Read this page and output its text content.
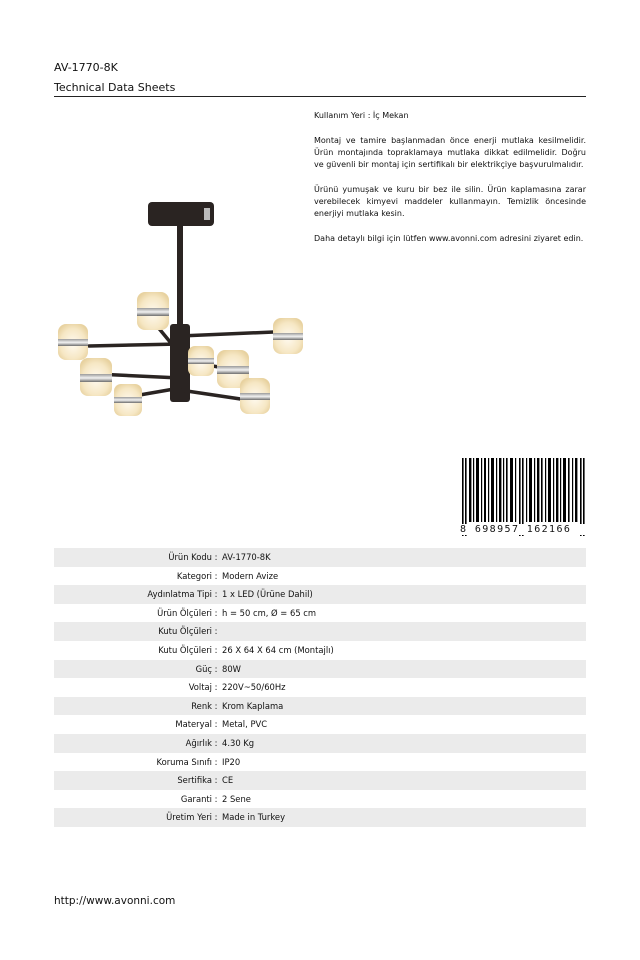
AV-1770-8K
Technical Data Sheets

Kullanım Yeri : İç Mekan

Montaj ve tamire başlanmadan önce enerji mutlaka kesilmelidir. Ürün montajında topraklamaya mutlaka dikkat edilmelidir. Doğru ve güvenli bir montaj için sertifikalı bir elektrikçiye başvurulmalıdır.

Ürünü yumuşak ve kuru bir bez ile silin. Ürün kaplamasına zarar verebilecek kimyevi maddeler kullanmayın. Temizlik öncesinde enerjiyi mutlaka kesin.

Daha detaylı bilgi için lütfen www.avonni.com adresini ziyaret edin.

8 698957 162166
Ürün Kodu : AV-1770-8K
Kategori : Modern Avize
Aydınlatma Tipi : 1 x LED (Ürüne Dahil)
Ürün Ölçüleri : h = 50 cm, Ø = 65 cm
Kutu Ölçüleri :
Kutu Ölçüleri : 26 X 64 X 64 cm (Montajlı)
Güç : 80W
Voltaj : 220V~50/60Hz
Renk : Krom Kaplama
Materyal : Metal, PVC
Ağırlık : 4.30 Kg
Koruma Sınıfı : IP20
Sertifika : CE
Garanti : 2 Sene
Üretim Yeri : Made in Turkey
http://www.avonni.com
